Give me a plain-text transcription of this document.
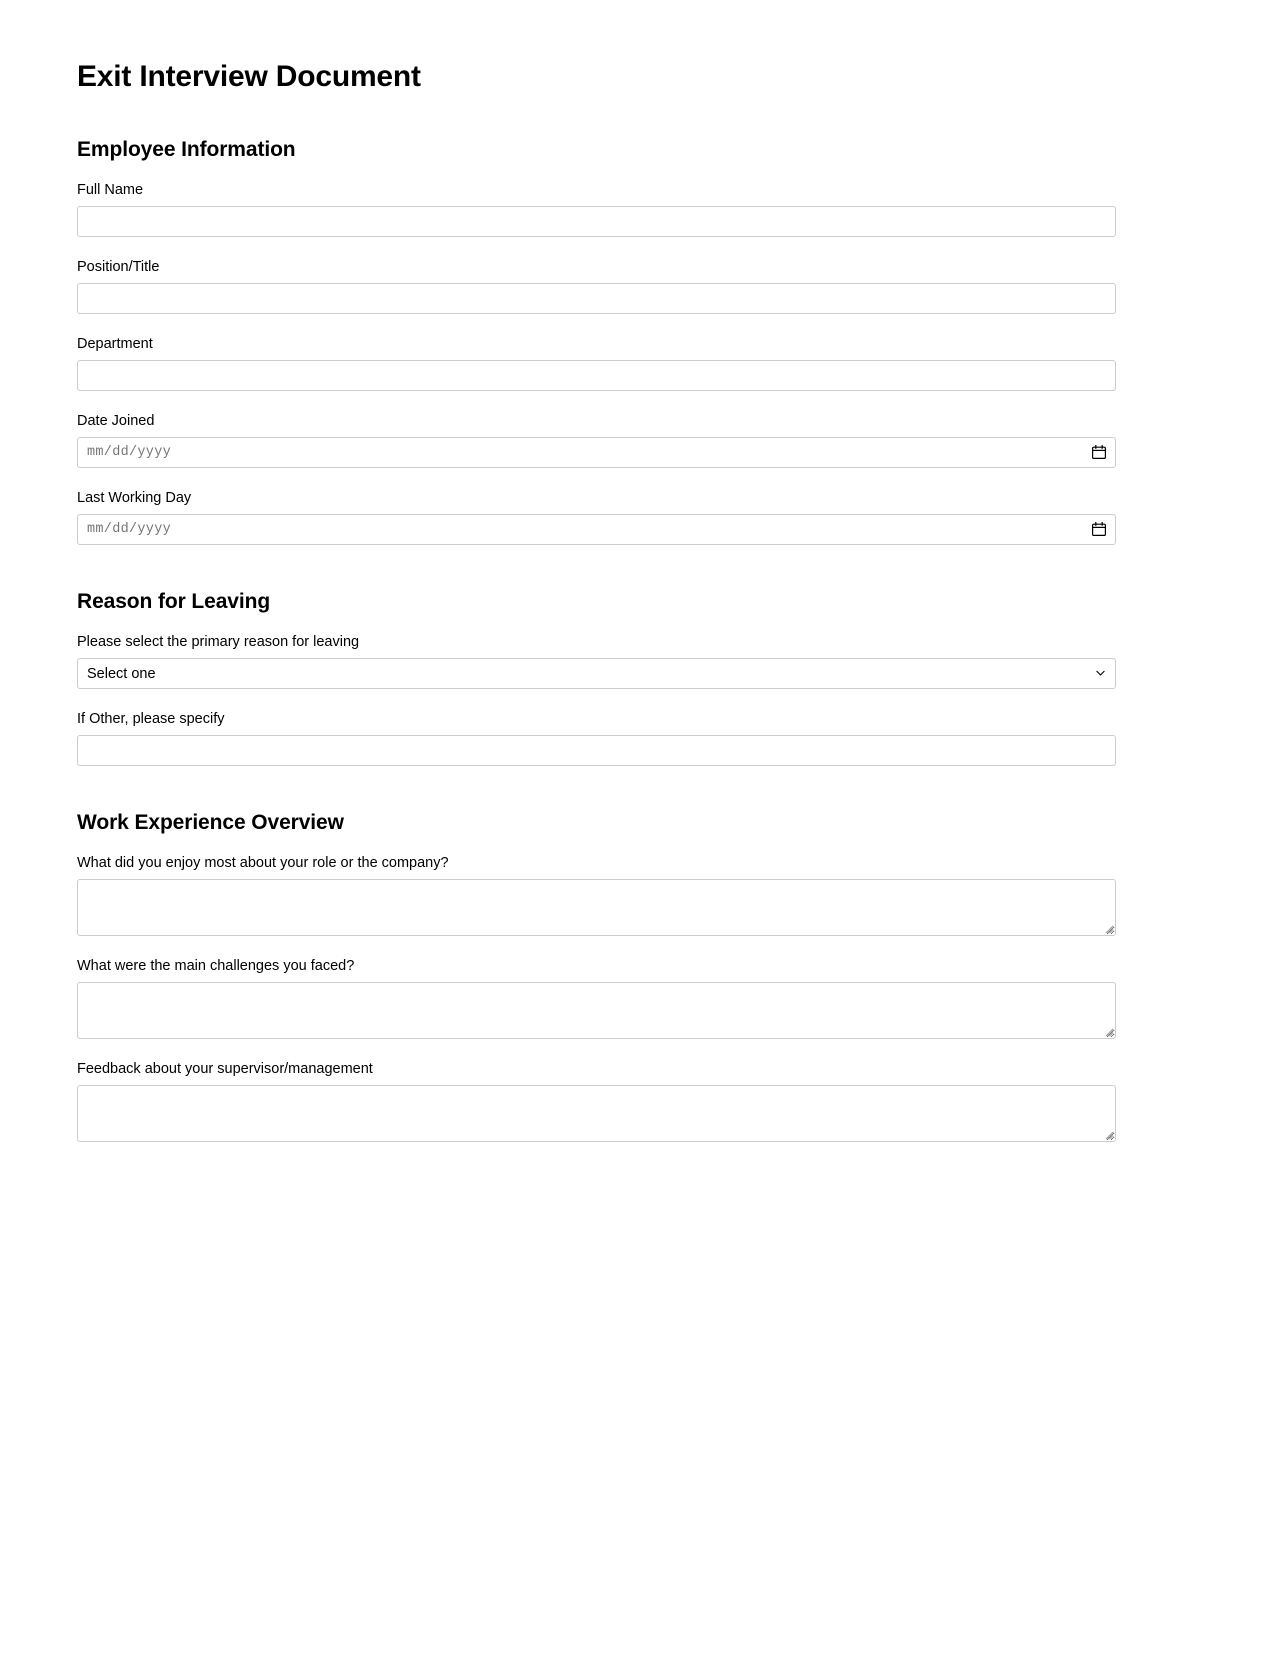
Exit Interview Document
Employee Information
Full Name
Position/Title
Department
Date Joined
mm/dd/yyyy
Last Working Day
mm/dd/yyyy
Reason for Leaving
Please select the primary reason for leaving
Select one
If Other, please specify
Work Experience Overview
What did you enjoy most about your role or the company?
What were the main challenges you faced?
Feedback about your supervisor/management
